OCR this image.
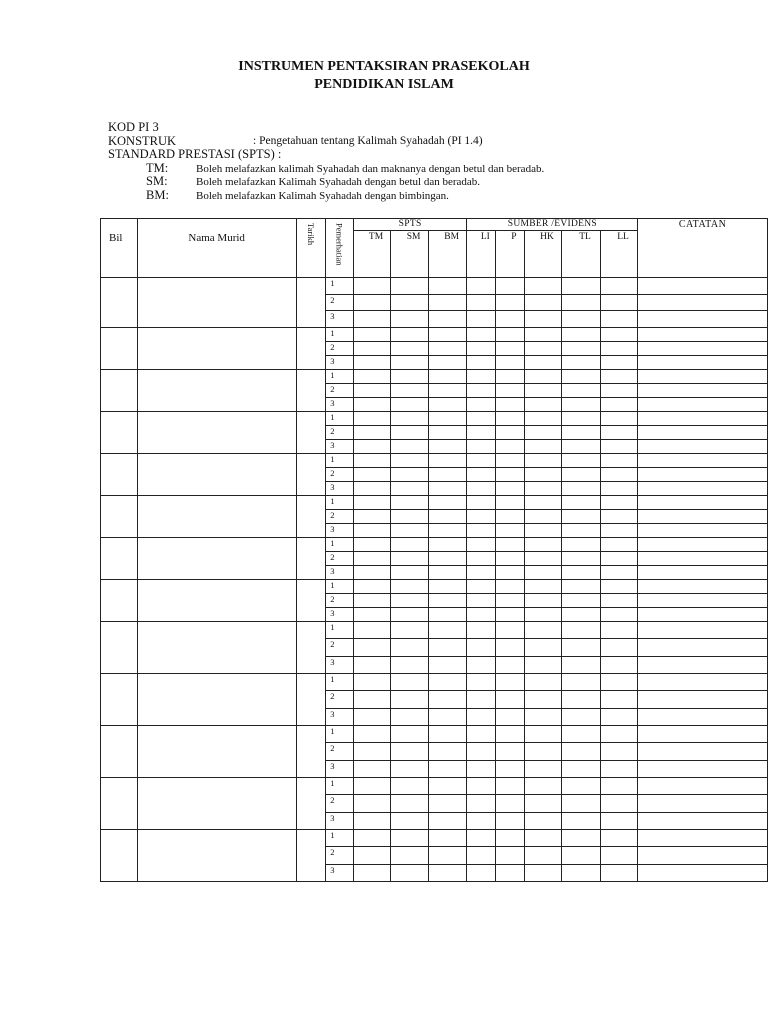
INSTRUMEN PENTAKSIRAN PRASEKOLAH
PENDIDIKAN ISLAM
KOD PI 3
KONSTRUK	: Pengetahuan tentang Kalimah Syahadah (PI 1.4)
STANDARD PRESTASI (SPTS) :
TM:	Boleh melafazkan kalimah Syahadah dan maknanya dengan betul dan beradab.
SM:	Boleh melafazkan Kalimah Syahadah dengan betul dan beradab.
BM:	Boleh melafazkan Kalimah Syahadah dengan bimbingan.
Bil	Nama Murid	Tarikh	Pemerhatian	SPTS			SUMBER /EVIDENS					CATATAN
				TM	SM	BM	LI	P	HK	TL	LL	
			1									
			2									
			3									
			1									
			2									
			3									
			1									
			2									
			3									
			1									
			2									
			3									
			1									
			2									
			3									
			1									
			2									
			3									
			1									
			2									
			3									
			1									
			2									
			3									
			1									
			2									
			3									
			1									
			2									
			3									
			1									
			2									
			3									
			1									
			2									
			3									
			1									
			2									
			3									
